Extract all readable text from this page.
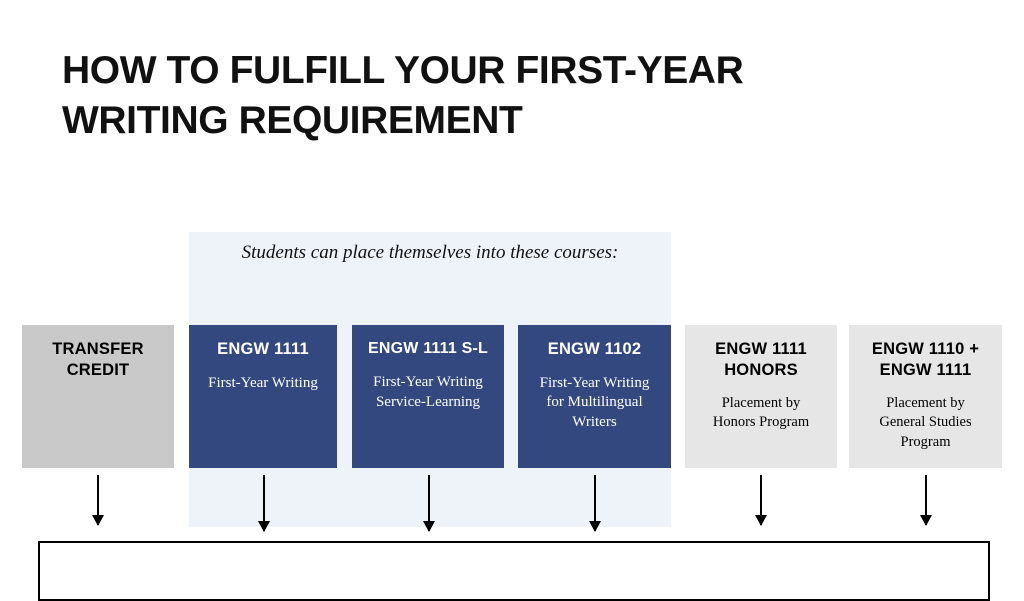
HOW TO FULFILL YOUR FIRST-YEAR WRITING REQUIREMENT
Students can place themselves into these courses:
TRANSFER
CREDIT
ENGW 1111
First-Year Writing
ENGW 1111 S-L
First-Year Writing
Service-Learning
ENGW 1102
First-Year Writing
for Multilingual
Writers
ENGW 1111
HONORS
Placement by
Honors Program
ENGW 1110 +
ENGW 1111
Placement by
General Studies
Program
